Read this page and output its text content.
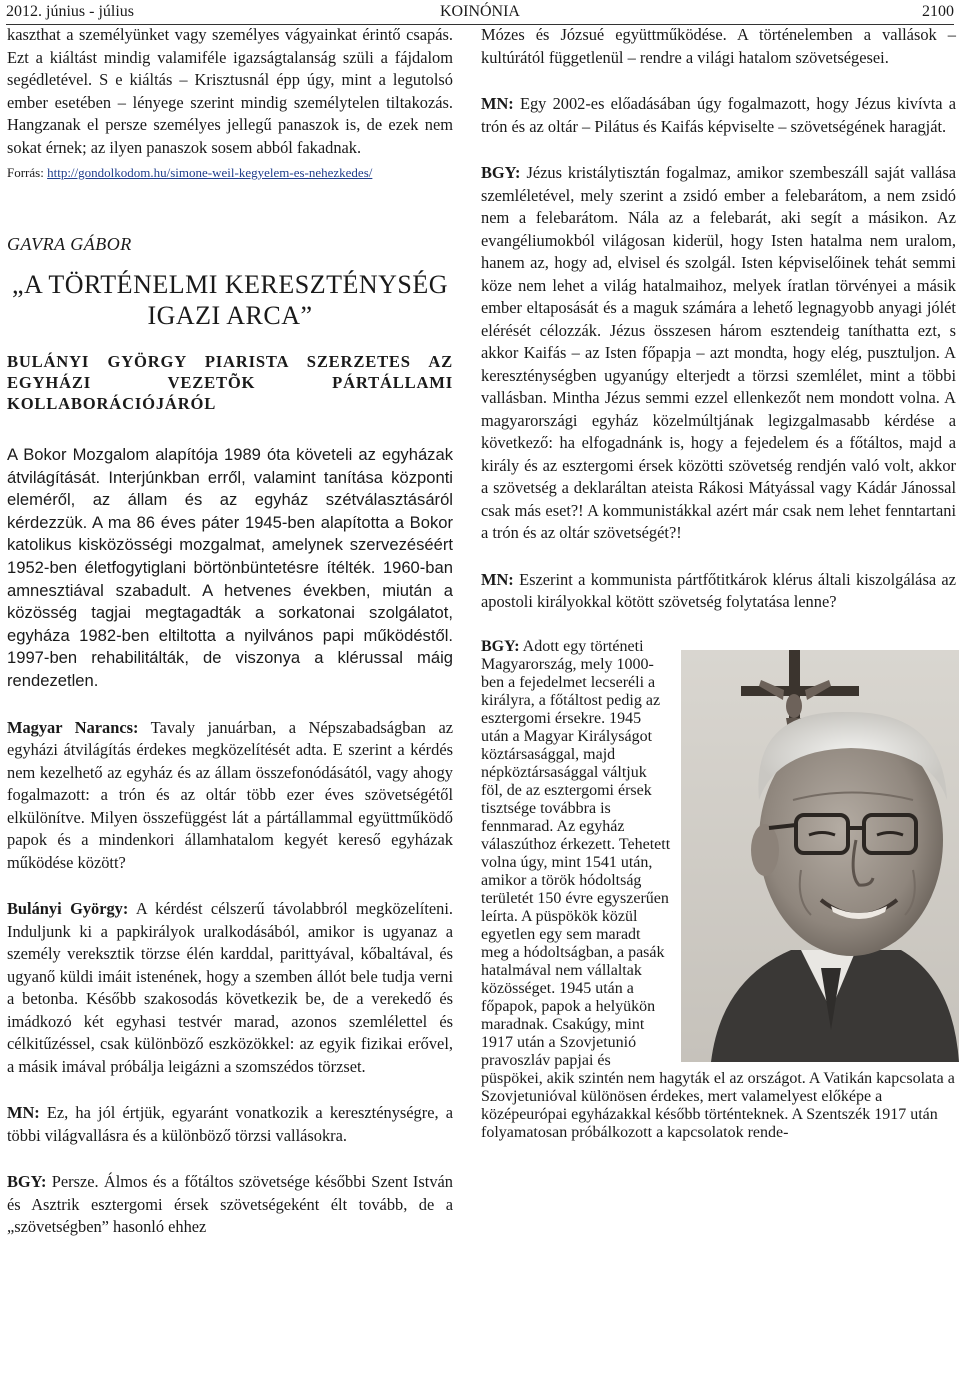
2012. június - július	KOINÓNIA	2100

kaszthat a személyünket vagy személyes vágyainkat érintő csapás. Ezt a kiáltást mindig valamiféle igazságtalanság szüli a fájdalom segédletével. S e kiáltás – Krisztusnál épp úgy, mint a legutolsó ember esetében – lényege szerint mindig személytelen tiltakozás. Hangzanak el persze személyes jellegű panaszok is, de ezek nem sokat érnek; az ilyen panaszok sosem abból fakadnak.

Forrás: http://gondolkodom.hu/simone-weil-kegyelem-es-nehezkedes/
GAVRA GÁBOR
„A TÖRTÉNELMI KERESZTÉNYSÉG IGAZI ARCA”
BULÁNYI GYÖRGY PIARISTA SZERZETES AZ EGYHÁZI VEZETÕK PÁRTÁLLAMI KOLLABORÁCIÓJÁRÓL

A Bokor Mozgalom alapítója 1989 óta követeli az egyházak átvilágítását. Interjúnkban erről, valamint tanítása központi eleméről, az állam és az egyház szétválasztásáról kérdezzük. A ma 86 éves páter 1945-ben alapította a Bokor katolikus kisközösségi mozgalmat, amelynek szervezéséért 1952-ben életfogytiglani börtönbüntetésre ítélték. 1960-ban amnesztiával szabadult. A hetvenes években, miután a közösség tagjai megtagadták a sorkatonai szolgálatot, egyháza 1982-ben eltiltotta a nyilvános papi működéstől. 1997-ben rehabilitálták, de viszonya a klérussal máig rendezetlen.

Magyar Narancs: Tavaly januárban, a Népszabadságban az egyházi átvilágítás érdekes megközelítését adta. E szerint a kérdés nem kezelhető az egyház és az állam összefonódásától, vagy ahogy fogalmazott: a trón és az oltár több ezer éves szövetségétől elkülönítve. Milyen összefüggést lát a pártállammal együttműködő papok és a mindenkori államhatalom kegyét kereső egyházak működése között?

Bulányi György: A kérdést célszerű távolabbról megközelíteni. Induljunk ki a papkirályok uralkodásából, amikor is ugyanaz a személy vereksztik törzse élén karddal, parittyával, kőbaltával, és ugyanő küldi imáit istenének, hogy a szemben állót bele tudja verni a betonba. Később szakosodás következik be, de a verekedő és imádkozó két egyhasi testvér marad, azonos szemlélettel és célkitűzéssel, csak különböző eszközökkel: az egyik fizikai erővel, a másik imával próbálja leigázni a szomszédos törzset.

MN: Ez, ha jól értjük, egyaránt vonatkozik a kereszténységre, a többi világvallásra és a különböző törzsi vallásokra.

BGY: Persze. Álmos és a főtáltos szövetsége későbbi Szent István és Asztrik esztergomi érsek szövetségeként élt tovább, de a „szövetségben” hasonló ehhez

Mózes és Józsué együttműködése. A történelemben a vallások – kultúrától függetlenül – rendre a világi hatalom szövetségesei.

MN: Egy 2002-es előadásában úgy fogalmazott, hogy Jézus kivívta a trón és az oltár – Pilátus és Kaifás képviselte – szövetségének haragját.

BGY: Jézus kristálytisztán fogalmaz, amikor szembeszáll saját vallása szemléletével, mely szerint a zsidó ember a felebarátom, a nem zsidó nem a felebarátom. Nála az a felebarát, aki segít a másikon. Az evangéliumokból világosan kiderül, hogy Isten hatalma nem uralom, hanem az, hogy ad, elvisel és szolgál. Isten képviselőinek tehát semmi köze nem lehet a világ hatalmaihoz, melyek íratlan törvényei a másik ember eltaposását és a maguk számára a lehető legnagyobb anyagi jólét elérését célozzák. Jézus összesen három esztendeig taníthatta ezt, s akkor Kaifás – az Isten főpapja – azt mondta, hogy elég, pusztuljon. A kereszténységben ugyanúgy elterjedt a törzsi szemlélet, mint a többi vallásban. Mintha Jézus semmi ezzel ellenkezőt nem mondott volna. A magyarországi egyház közelmúltjának legizgalmasabb kérdése a következő: ha elfogadnánk is, hogy a fejedelem és a főtáltos, majd a király és az esztergomi érsek közötti szövetség rendjén való volt, akkor a szövetség a deklaráltan ateista Rákosi Mátyással vagy Kádár Jánossal csak más eset?! A kommunistákkal azért már csak nem lehet fenntartani a trón és az oltár szövetségét?!

MN: Eszerint a kommunista pártfőtitkárok klérus általi kiszolgálása az apostoli királyokkal kötött szövetség folytatása lenne?

BGY: Adott egy történeti Magyarország, mely 1000-ben a fejedelmet lecseréli a királyra, a főtáltost pedig az esztergomi érsekre. 1945 után a Magyar Királyságot köztársasággal, majd népköztársasággal váltjuk föl, de az esztergomi érsek tisztsége továbbra is fennmarad. Az egyház válaszúthoz érkezett. Tehetett volna úgy, mint 1541 után, amikor a török hódoltság területét 150 évre egyszerűen leírta. A püspökök közül egyetlen egy sem maradt meg a hódoltságban, a pasák hatalmával nem vállaltak közösséget. 1945 után a főpapok, papok a helyükön maradnak. Csakúgy, mint 1917 után a Szovjetunió pravoszláv papjai és püspökei, akik szintén nem hagyták el az országot. A Vatikán kapcsolata a Szovjetunióval különösen érdekes, mert valamelyest előképe a középeurópai egyházakkal később történteknek. A Szentszék 1917 után folyamatosan próbálkozott a kapcsolatok rende-
